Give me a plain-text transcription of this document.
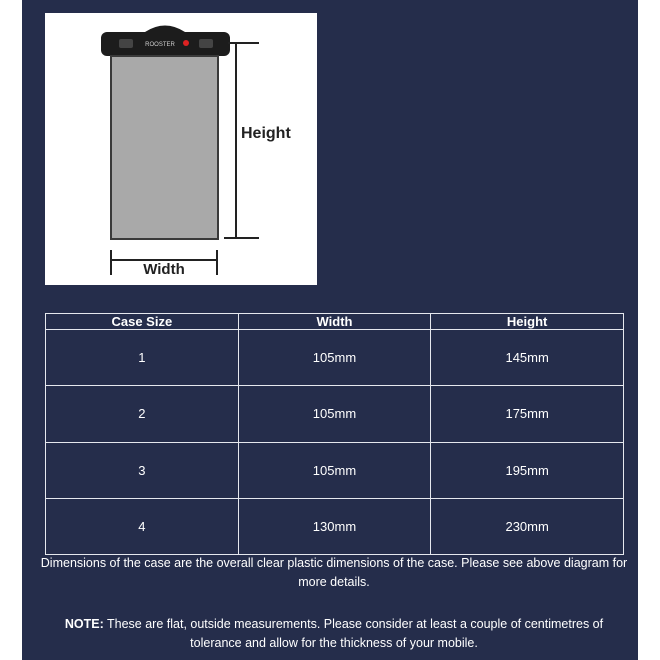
ROOSTER
Height
Width
Case Size	Width	Height
1	105mm	145mm
2	105mm	175mm
3	105mm	195mm
4	130mm	230mm

Dimensions of the case are the overall clear plastic dimensions of the case. Please see above diagram for more details.

NOTE: These are flat, outside measurements. Please consider at least a couple of centimetres of tolerance and allow for the thickness of your mobile.
